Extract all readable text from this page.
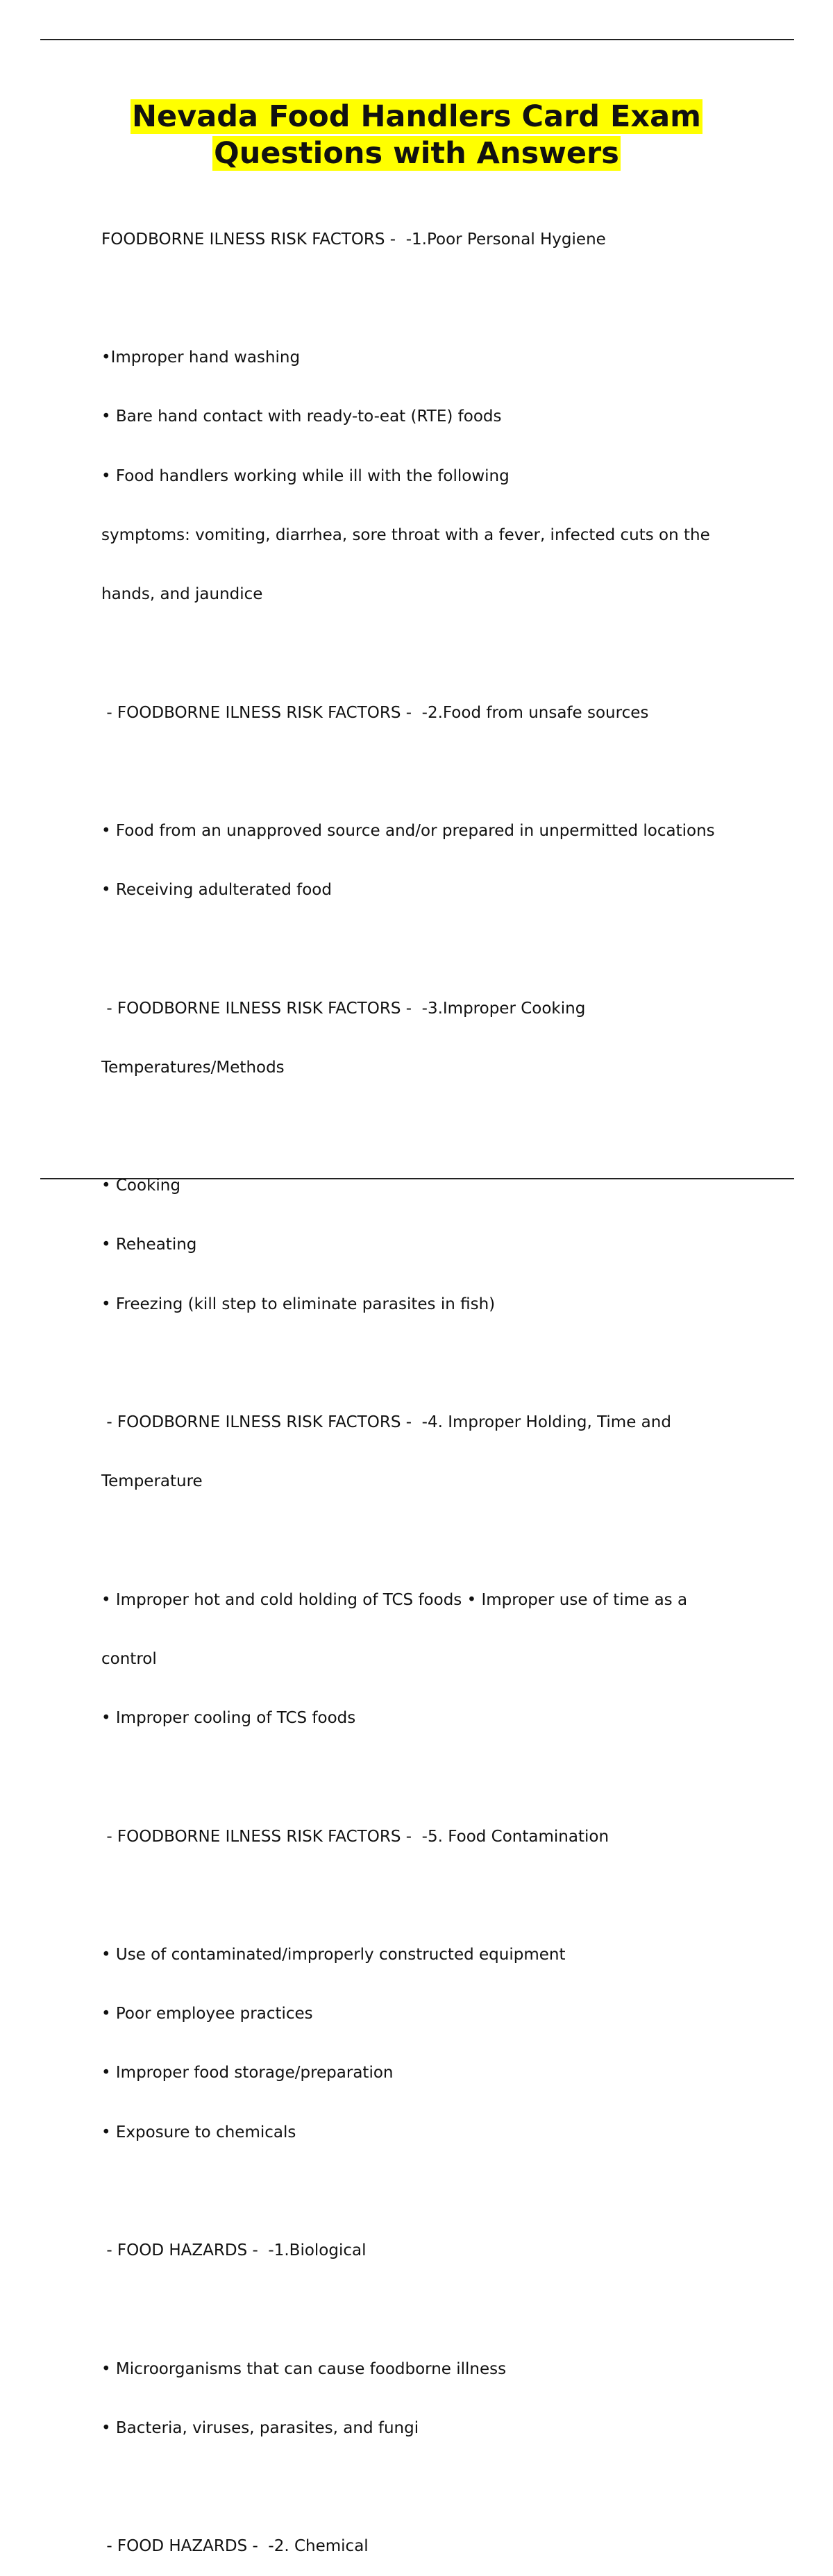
Nevada Food Handlers Card Exam
Questions with Answers

FOODBORNE ILNESS RISK FACTORS -  -1.Poor Personal Hygiene

•Improper hand washing

• Bare hand contact with ready-to-eat (RTE) foods

• Food handlers working while ill with the following

symptoms: vomiting, diarrhea, sore throat with a fever, infected cuts on the

hands, and jaundice

- FOODBORNE ILNESS RISK FACTORS -  -2.Food from unsafe sources

• Food from an unapproved source and/or prepared in unpermitted locations

• Receiving adulterated food

- FOODBORNE ILNESS RISK FACTORS -  -3.Improper Cooking

Temperatures/Methods

• Cooking

• Reheating

• Freezing (kill step to eliminate parasites in fish)

- FOODBORNE ILNESS RISK FACTORS -  -4. Improper Holding, Time and

Temperature

• Improper hot and cold holding of TCS foods • Improper use of time as a

control

• Improper cooling of TCS foods

- FOODBORNE ILNESS RISK FACTORS -  -5. Food Contamination

• Use of contaminated/improperly constructed equipment

• Poor employee practices

• Improper food storage/preparation

• Exposure to chemicals

- FOOD HAZARDS -  -1.Biological

• Microorganisms that can cause foodborne illness

• Bacteria, viruses, parasites, and fungi

- FOOD HAZARDS -  -2. Chemical
